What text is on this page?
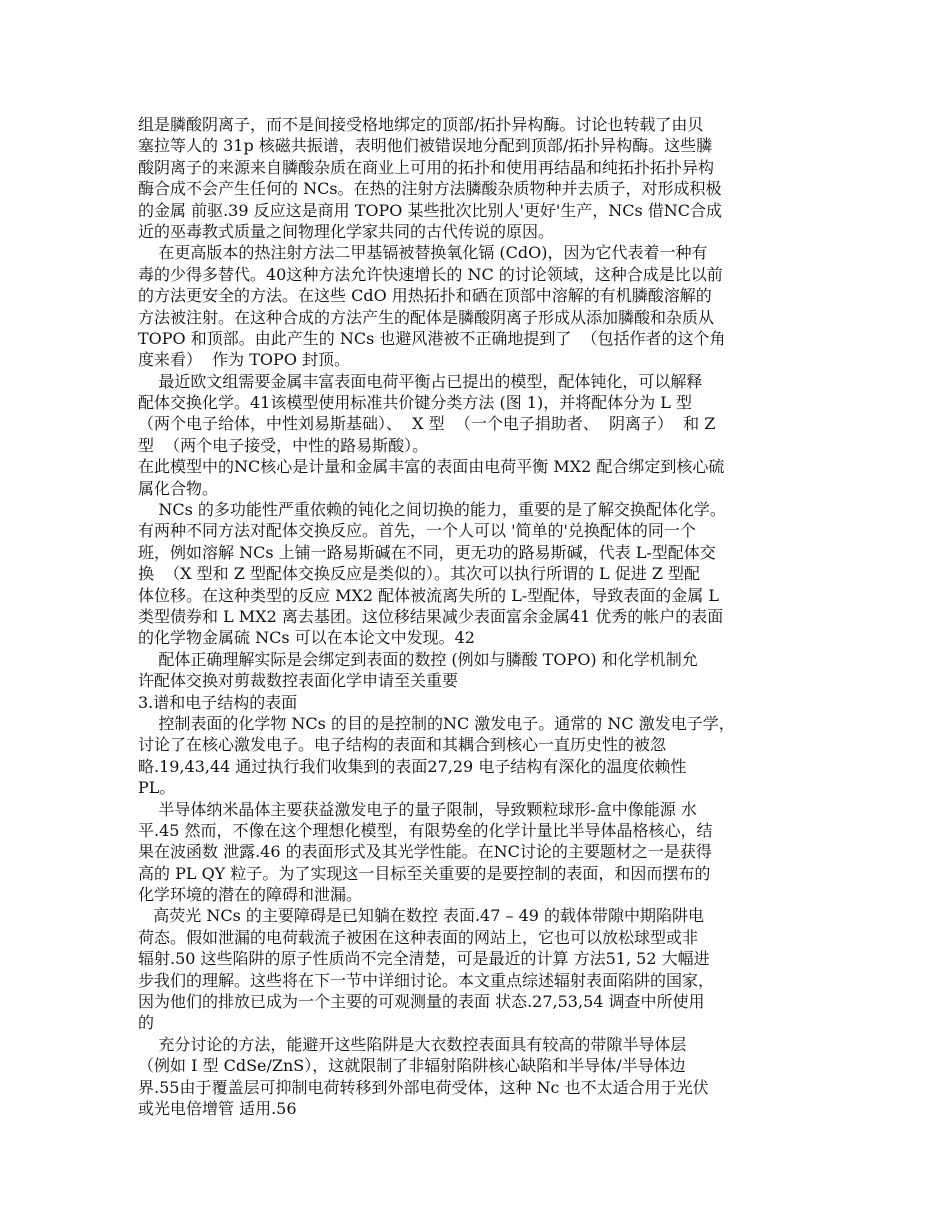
组是膦酸阴离子，而不是间接受格地绑定的顶部/拓扑异构酶。讨论也转载了由贝
塞拉等人的 31p 核磁共振谱，表明他们被错误地分配到顶部/拓扑异构酶。这些膦
酸阴离子的来源来自膦酸杂质在商业上可用的拓扑和使用再结晶和纯拓扑拓扑异构
酶合成不会产生任何的 NCs。在热的注射方法膦酸杂质物种并去质子，对形成积极
的金属 前驱.39 反应这是商用 TOPO 某些批次比别人'更好'生产，NCs 借NC合成
近的巫毒教式质量之间物理化学家共同的古代传说的原因。
在更高版本的热注射方法二甲基镉被替换氧化镉 (CdO)，因为它代表着一种有
毒的少得多替代。40这种方法允许快速增长的 NC 的讨论领域，这种合成是比以前
的方法更安全的方法。在这些 CdO 用热拓扑和硒在顶部中溶解的有机膦酸溶解的
方法被注射。在这种合成的方法产生的配体是膦酸阴离子形成从添加膦酸和杂质从
TOPO 和顶部。由此产生的 NCs 也避风港被不正确地提到了  （包括作者的这个角
度来看）  作为 TOPO 封顶。
最近欧文组需要金属丰富表面电荷平衡占已提出的模型，配体钝化，可以解释
配体交换化学。41该模型使用标准共价键分类方法 (图 1)，并将配体分为 L 型
（两个电子给体，中性刘易斯基础）、  X 型  （一个电子捐助者、  阴离子）  和 Z
型  （两个电子接受，中性的路易斯酸）。
在此模型中的NC核心是计量和金属丰富的表面由电荷平衡 MX2 配合绑定到核心硫
属化合物。
NCs 的多功能性严重依赖的钝化之间切换的能力，重要的是了解交换配体化学。
有两种不同方法对配体交换反应。首先，一个人可以 '简单的'兑换配体的同一个
班，例如溶解 NCs 上铺一路易斯碱在不同，更无功的路易斯碱，代表 L-型配体交
换  （X 型和 Z 型配体交换反应是类似的）。其次可以执行所谓的 L 促进 Z 型配
体位移。在这种类型的反应 MX2 配体被流离失所的 L-型配体，导致表面的金属 L
类型债券和 L MX2 离去基团。这位移结果减少表面富余金属41 优秀的帐户的表面
的化学物金属硫 NCs 可以在本论文中发现。42
配体正确理解实际是会绑定到表面的数控 (例如与膦酸 TOPO) 和化学机制允
许配体交换对剪裁数控表面化学申请至关重要
3.谱和电子结构的表面
控制表面的化学物 NCs 的目的是控制的NC 激发电子。通常的 NC 激发电子学，
讨论了在核心激发电子。电子结构的表面和其耦合到核心一直历史性的被忽
略.19,43,44 通过执行我们收集到的表面27,29 电子结构有深化的温度依赖性
PL。
半导体纳米晶体主要获益激发电子的量子限制，导致颗粒球形-盒中像能源 水
平.45 然而，不像在这个理想化模型，有限势垒的化学计量比半导体晶格核心，结
果在波函数 泄露.46 的表面形式及其光学性能。在NC讨论的主要题材之一是获得
高的 PL QY 粒子。为了实现这一目标至关重要的是要控制的表面，和因而摆布的
化学环境的潜在的障碍和泄漏。
高荧光 NCs 的主要障碍是已知躺在数控 表面.47 – 49 的载体带隙中期陷阱电
荷态。假如泄漏的电荷载流子被困在这种表面的网站上，它也可以放松球型或非
辐射.50 这些陷阱的原子性质尚不完全清楚，可是最近的计算 方法51, 52 大幅进
步我们的理解。这些将在下一节中详细讨论。本文重点综述辐射表面陷阱的国家，
因为他们的排放已成为一个主要的可观测量的表面 状态.27,53,54 调查中所使用
的
充分讨论的方法，能避开这些陷阱是大衣数控表面具有较高的带隙半导体层
（例如 I 型 CdSe/ZnS），这就限制了非辐射陷阱核心缺陷和半导体/半导体边
界.55由于覆盖层可抑制电荷转移到外部电荷受体，这种 Nc 也不太适合用于光伏
或光电倍增管 适用.56
